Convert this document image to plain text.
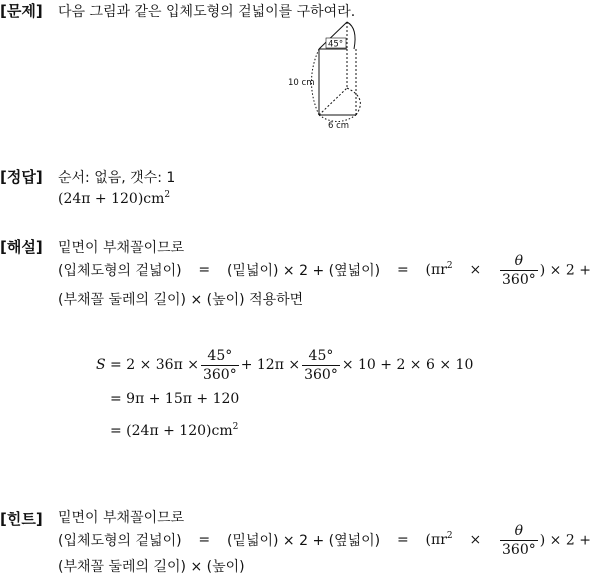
[문제] 다음 그림과 같은 입체도형의 겉넓이를 구하여라.
45°
10 cm
6 cm
[정답] 순서: 없음, 갯수: 1
$(24\pi + 120)cm^2$
[해설] 밑면이 부채꼴이므로
(입체도형의 겉넓이) = (밑넓이) × 2 + (옆넓이) = ($\pi r^2 \times \frac{\theta}{360^\circ}$ ) × 2 +
(부채꼴 둘레의 길이) × (높이) 적용하면
S
= $2 \times 36\pi \times \frac{45^\circ}{360^\circ} + 12\pi \times \frac{45^\circ}{360^\circ} \times 10 + 2 \times 6 \times 10$
= 9π + 15π + 120
= $(24\pi + 120)cm^2$
[힌트] 밑면이 부채꼴이므로
(입체도형의 겉넓이) = (밑넓이) × 2 + (옆넓이) = ($\pi r^2 \times \frac{\theta}{360^\circ}$ ) × 2 +
(부채꼴 둘레의 길이) × (높이)
